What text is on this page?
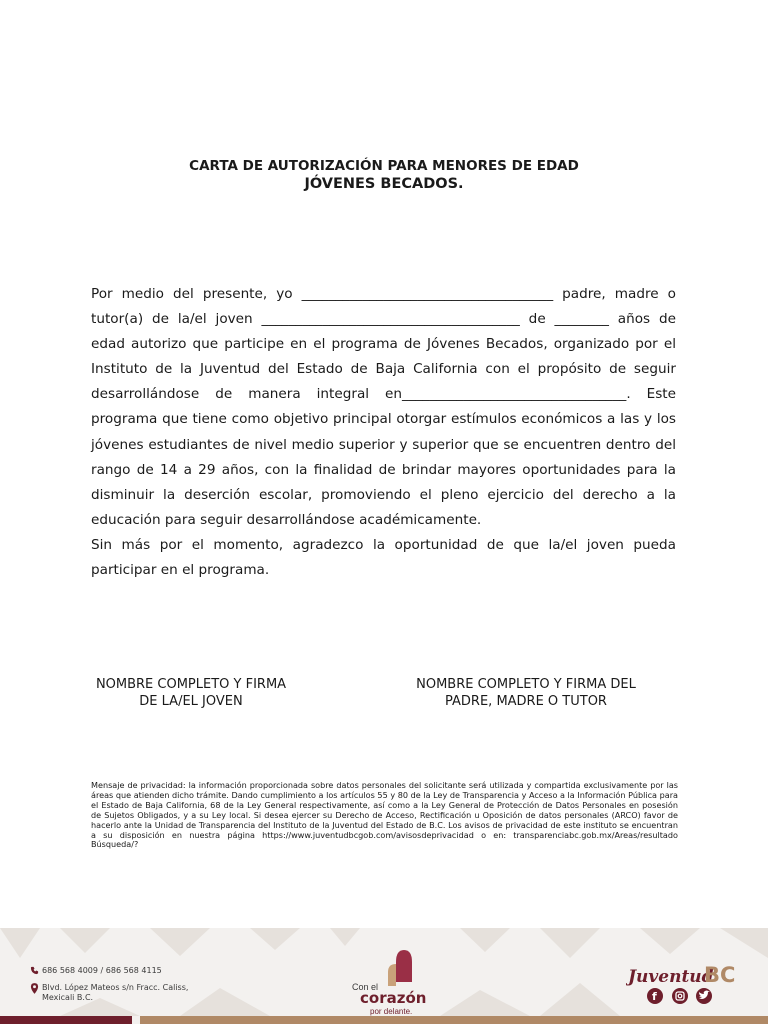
CARTA DE AUTORIZACIÓN PARA MENORES DE EDAD
JÓVENES BECADOS.

Por medio del presente, yo _____________________________________ padre, madre o tutor(a) de la/el joven ______________________________________ de ________ años de edad autorizo que participe en el programa de Jóvenes Becados, organizado por el Instituto de la Juventud del Estado de Baja California con el propósito de seguir desarrollándose de manera integral en_________________________________. Este programa que tiene como objetivo principal otorgar estímulos económicos a las y los jóvenes estudiantes de nivel medio superior y superior que se encuentren dentro del rango de 14 a 29 años, con la finalidad de brindar mayores oportunidades para la disminuir la deserción escolar, promoviendo el pleno ejercicio del derecho a la educación para seguir desarrollándose académicamente.

Sin más por el momento, agradezco la oportunidad de que la/el joven pueda participar en el programa.

NOMBRE COMPLETO Y FIRMA
DE LA/EL JOVEN
NOMBRE COMPLETO Y FIRMA DEL
PADRE, MADRE O TUTOR
Mensaje de privacidad: la información proporcionada sobre datos personales del solicitante será utilizada y compartida exclusivamente por las áreas que atienden dicho trámite. Dando cumplimiento a los artículos 55 y 80 de la Ley de Transparencia y Acceso a la Información Pública para el Estado de Baja California, 68 de la Ley General respectivamente, así como a la Ley General de Protección de Datos Personales en posesión de Sujetos Obligados, y a su Ley local. Si desea ejercer su Derecho de Acceso, Rectificación u Oposición de datos personales (ARCO) favor de hacerlo ante la Unidad de Transparencia del Instituto de la Juventud del Estado de B.C. Los avisos de privacidad de este instituto se encuentran a su disposición en nuestra página https://www.juventudbcgob.com/avisosdeprivacidad o en: transparenciabc.gob.mx/Areas/resultado Búsqueda/?
686 568 4009 / 686 568 4115
Blvd. López Mateos s/n Fracc. Caliss,
Mexicali B.C.
Con el
corazón
por delante.
Juventud
BC
f
